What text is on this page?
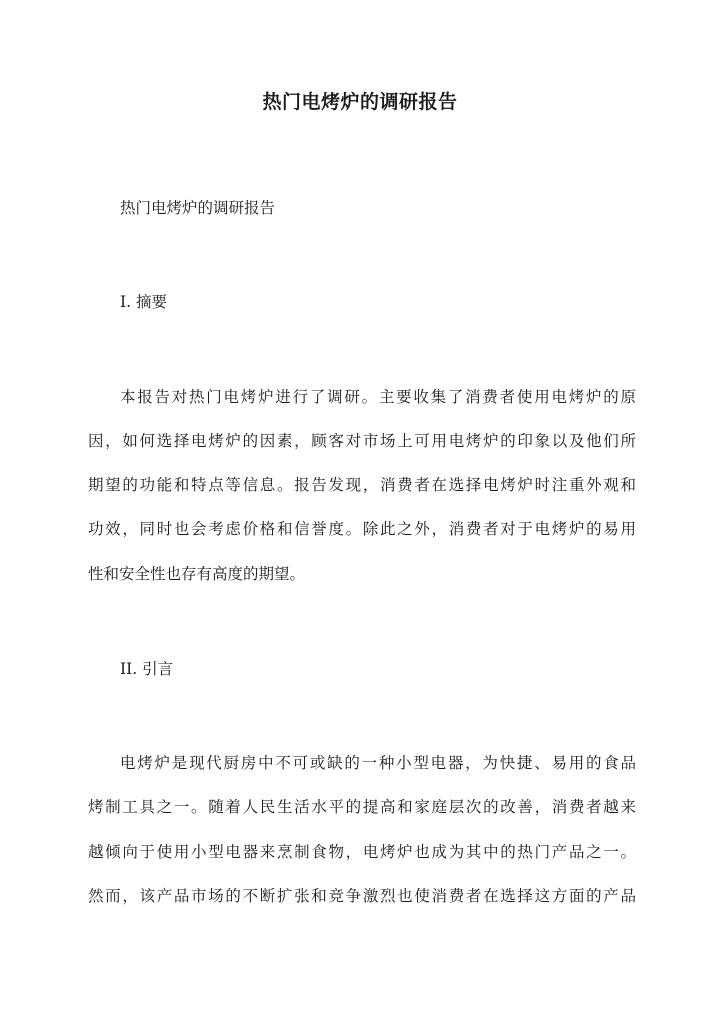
热门电烤炉的调研报告
热门电烤炉的调研报告
I. 摘要
本报告对热门电烤炉进行了调研。主要收集了消费者使用电烤炉的原
因，如何选择电烤炉的因素，顾客对市场上可用电烤炉的印象以及他们所
期望的功能和特点等信息。报告发现，消费者在选择电烤炉时注重外观和
功效，同时也会考虑价格和信誉度。除此之外，消费者对于电烤炉的易用
性和安全性也存有高度的期望。
II. 引言
电烤炉是现代厨房中不可或缺的一种小型电器，为快捷、易用的食品
烤制工具之一。随着人民生活水平的提高和家庭层次的改善，消费者越来
越倾向于使用小型电器来烹制食物，电烤炉也成为其中的热门产品之一。
然而，该产品市场的不断扩张和竞争激烈也使消费者在选择这方面的产品
